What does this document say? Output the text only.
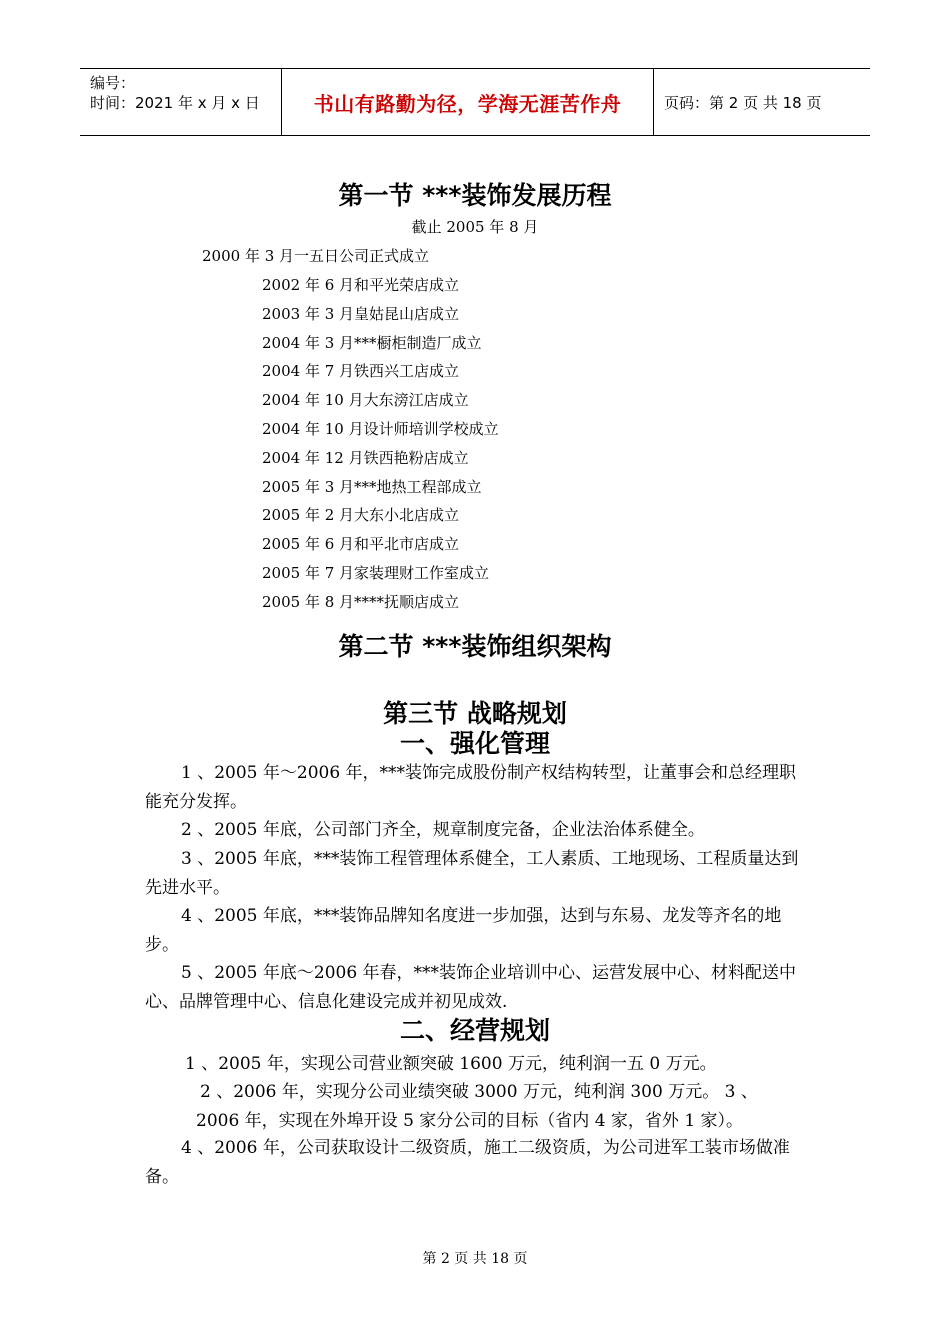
编号：
时间：2021 年 x 月 x 日	书山有路勤为径，学海无涯苦作舟	页码：第 2 页 共 18 页
第一节 ***装饰发展历程
截止 2005 年 8 月
2000 年 3 月一五日公司正式成立
2002 年 6 月和平光荣店成立
2003 年 3 月皇姑昆山店成立
2004 年 3 月***橱柜制造厂成立
2004 年 7 月铁西兴工店成立
2004 年 10 月大东滂江店成立
2004 年 10 月设计师培训学校成立
2004 年 12 月铁西艳粉店成立
2005 年 3 月***地热工程部成立
2005 年 2 月大东小北店成立
2005 年 6 月和平北市店成立
2005 年 7 月家装理财工作室成立
2005 年 8 月****抚顺店成立
第二节 ***装饰组织架构
第三节 战略规划
一、强化管理
1 、2005 年～2006 年，***装饰完成股份制产权结构转型，让董事会和总经理职能充分发挥。
2 、2005 年底，公司部门齐全，规章制度完备，企业法治体系健全。
3 、2005 年底，***装饰工程管理体系健全，工人素质、工地现场、工程质量达到先进水平。
4 、2005 年底，***装饰品牌知名度进一步加强，达到与东易、龙发等齐名的地步。
5 、2005 年底～2006 年春，***装饰企业培训中心、运营发展中心、材料配送中心、品牌管理中心、信息化建设完成并初见成效.
二、经营规划
1 、2005 年，实现公司营业额突破 1600 万元，纯利润一五 0 万元。
2 、2006 年，实现分公司业绩突破 3000 万元，纯利润 300 万元。 3 、
2006 年，实现在外埠开设 5 家分公司的目标（省内 4 家，省外 1 家）。
4 、2006 年，公司获取设计二级资质，施工二级资质，为公司进军工装市场做准备。
第 2 页 共 18 页
